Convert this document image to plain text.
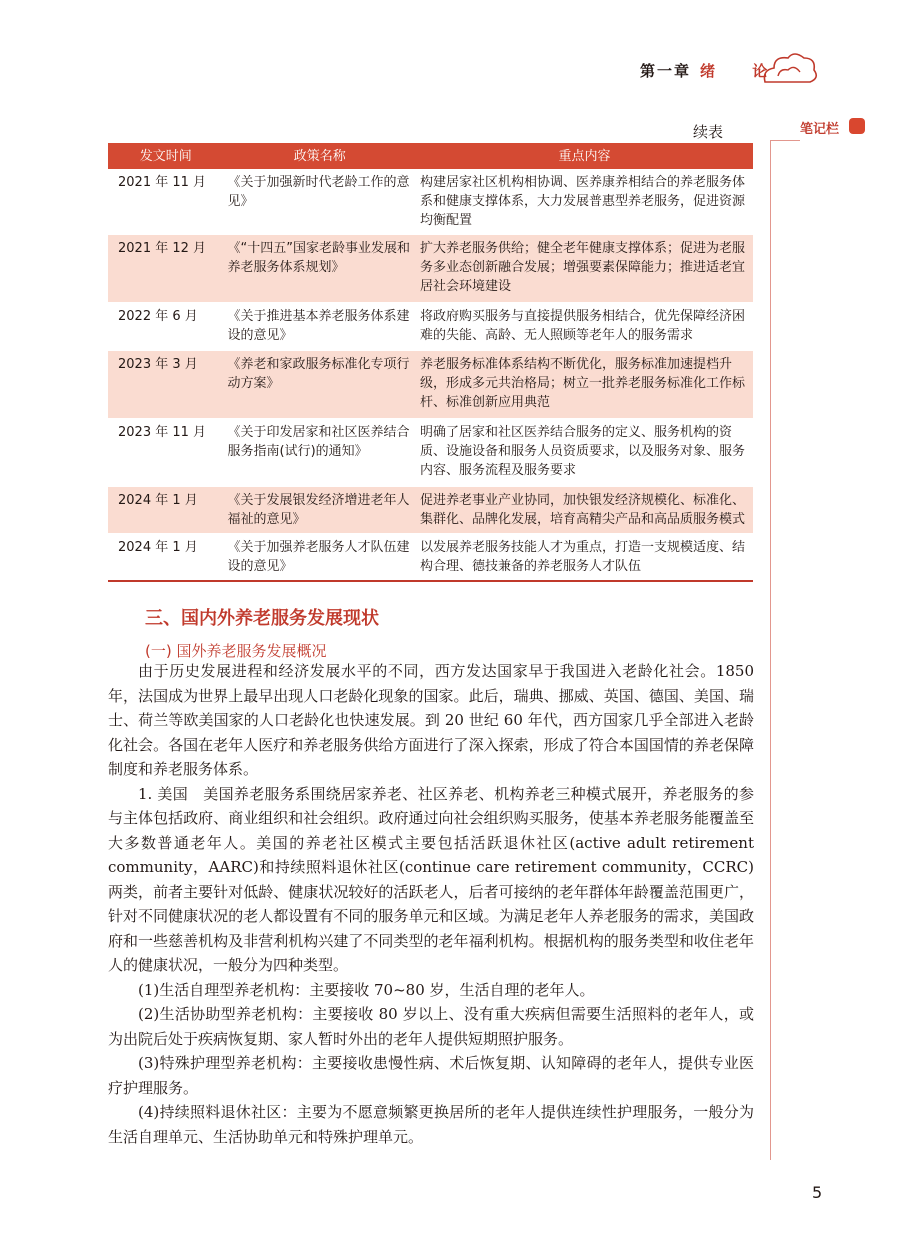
第一章 绪 论
笔记栏
续表
发文时间	政策名称	重点内容
2021 年 11 月	《关于加强新时代老龄工作的意见》	构建居家社区机构相协调、医养康养相结合的养老服务体系和健康支撑体系，大力发展普惠型养老服务，促进资源均衡配置
2021 年 12 月	《“十四五”国家老龄事业发展和养老服务体系规划》	扩大养老服务供给；健全老年健康支撑体系；促进为老服务多业态创新融合发展；增强要素保障能力；推进适老宜居社会环境建设
2022 年 6 月	《关于推进基本养老服务体系建设的意见》	将政府购买服务与直接提供服务相结合，优先保障经济困难的失能、高龄、无人照顾等老年人的服务需求
2023 年 3 月	《养老和家政服务标准化专项行动方案》	养老服务标准体系结构不断优化，服务标准加速提档升级，形成多元共治格局；树立一批养老服务标准化工作标杆、标准创新应用典范
2023 年 11 月	《关于印发居家和社区医养结合服务指南(试行)的通知》	明确了居家和社区医养结合服务的定义、服务机构的资质、设施设备和服务人员资质要求，以及服务对象、服务内容、服务流程及服务要求
2024 年 1 月	《关于发展银发经济增进老年人福祉的意见》	促进养老事业产业协同，加快银发经济规模化、标准化、集群化、品牌化发展，培育高精尖产品和高品质服务模式
2024 年 1 月	《关于加强养老服务人才队伍建设的意见》	以发展养老服务技能人才为重点，打造一支规模适度、结构合理、德技兼备的养老服务人才队伍
三、国内外养老服务发展现状
(一) 国外养老服务发展概况

由于历史发展进程和经济发展水平的不同，西方发达国家早于我国进入老龄化社会。1850 年，法国成为世界上最早出现人口老龄化现象的国家。此后，瑞典、挪威、英国、德国、美国、瑞士、荷兰等欧美国家的人口老龄化也快速发展。到 20 世纪 60 年代，西方国家几乎全部进入老龄化社会。各国在老年人医疗和养老服务供给方面进行了深入探索，形成了符合本国国情的养老保障制度和养老服务体系。

1. 美国　美国养老服务系围绕居家养老、社区养老、机构养老三种模式展开，养老服务的参与主体包括政府、商业组织和社会组织。政府通过向社会组织购买服务，使基本养老服务能覆盖至大多数普通老年人。美国的养老社区模式主要包括活跃退休社区(active adult retirement community，AARC)和持续照料退休社区(continue care retirement community，CCRC)两类，前者主要针对低龄、健康状况较好的活跃老人，后者可接纳的老年群体年龄覆盖范围更广，针对不同健康状况的老人都设置有不同的服务单元和区域。为满足老年人养老服务的需求，美国政府和一些慈善机构及非营利机构兴建了不同类型的老年福利机构。根据机构的服务类型和收住老年人的健康状况，一般分为四种类型。

(1)生活自理型养老机构：主要接收 70~80 岁，生活自理的老年人。

(2)生活协助型养老机构：主要接收 80 岁以上、没有重大疾病但需要生活照料的老年人，或为出院后处于疾病恢复期、家人暂时外出的老年人提供短期照护服务。

(3)特殊护理型养老机构：主要接收患慢性病、术后恢复期、认知障碍的老年人，提供专业医疗护理服务。

(4)持续照料退休社区：主要为不愿意频繁更换居所的老年人提供连续性护理服务，一般分为生活自理单元、生活协助单元和特殊护理单元。

5
